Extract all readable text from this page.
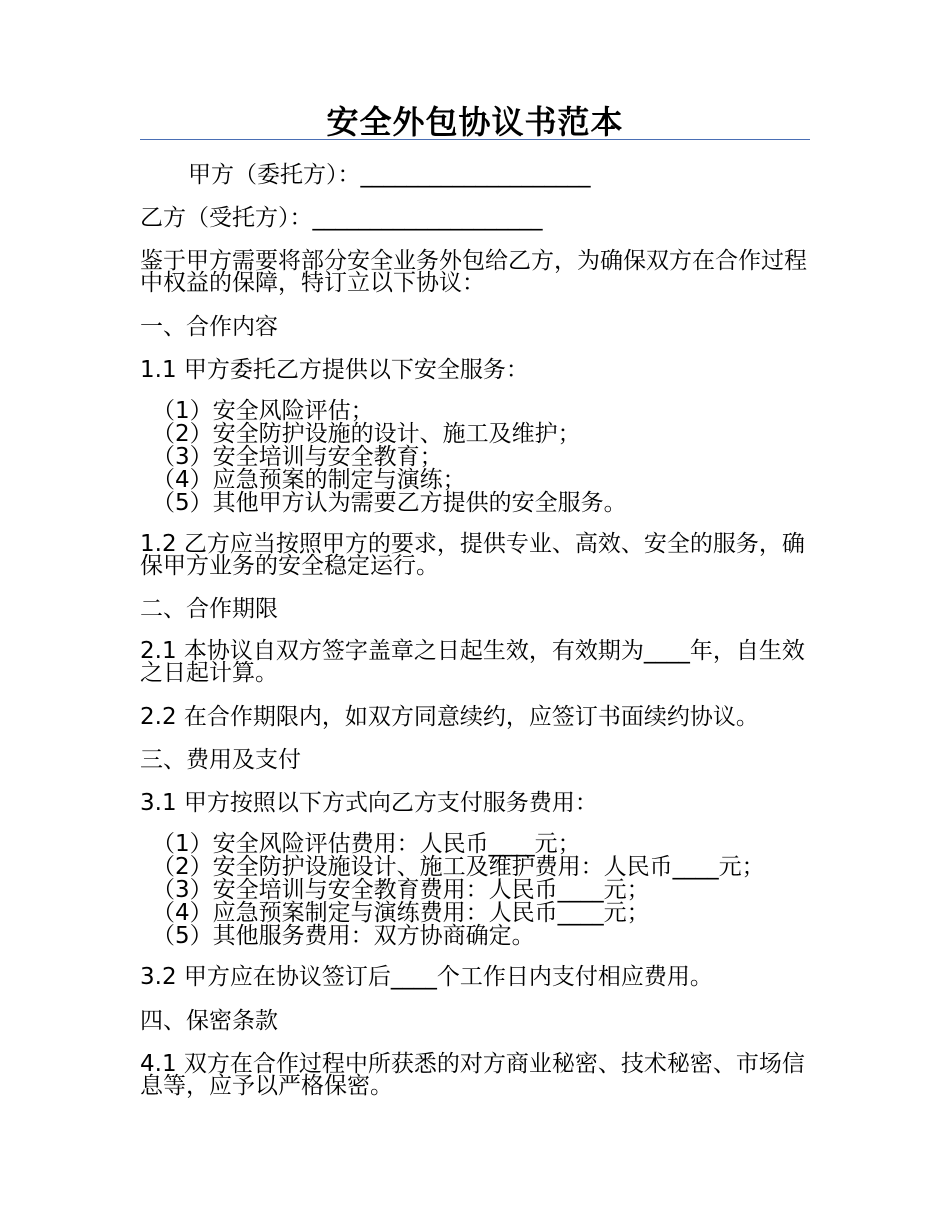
安全外包协议书范本
甲方（委托方）：____________________
乙方（受托方）：____________________
鉴于甲方需要将部分安全业务外包给乙方，为确保双方在合作过程中权益的保障，特订立以下协议：
一、合作内容
1.1 甲方委托乙方提供以下安全服务：
（1）安全风险评估；
（2）安全防护设施的设计、施工及维护；
（3）安全培训与安全教育；
（4）应急预案的制定与演练；
（5）其他甲方认为需要乙方提供的安全服务。
1.2 乙方应当按照甲方的要求，提供专业、高效、安全的服务，确保甲方业务的安全稳定运行。
二、合作期限
2.1 本协议自双方签字盖章之日起生效，有效期为____年，自生效之日起计算。
2.2 在合作期限内，如双方同意续约，应签订书面续约协议。
三、费用及支付
3.1 甲方按照以下方式向乙方支付服务费用：
（1）安全风险评估费用：人民币____元；
（2）安全防护设施设计、施工及维护费用：人民币____元；
（3）安全培训与安全教育费用：人民币____元；
（4）应急预案制定与演练费用：人民币____元；
（5）其他服务费用：双方协商确定。
3.2 甲方应在协议签订后____个工作日内支付相应费用。
四、保密条款
4.1 双方在合作过程中所获悉的对方商业秘密、技术秘密、市场信息等，应予以严格保密。
